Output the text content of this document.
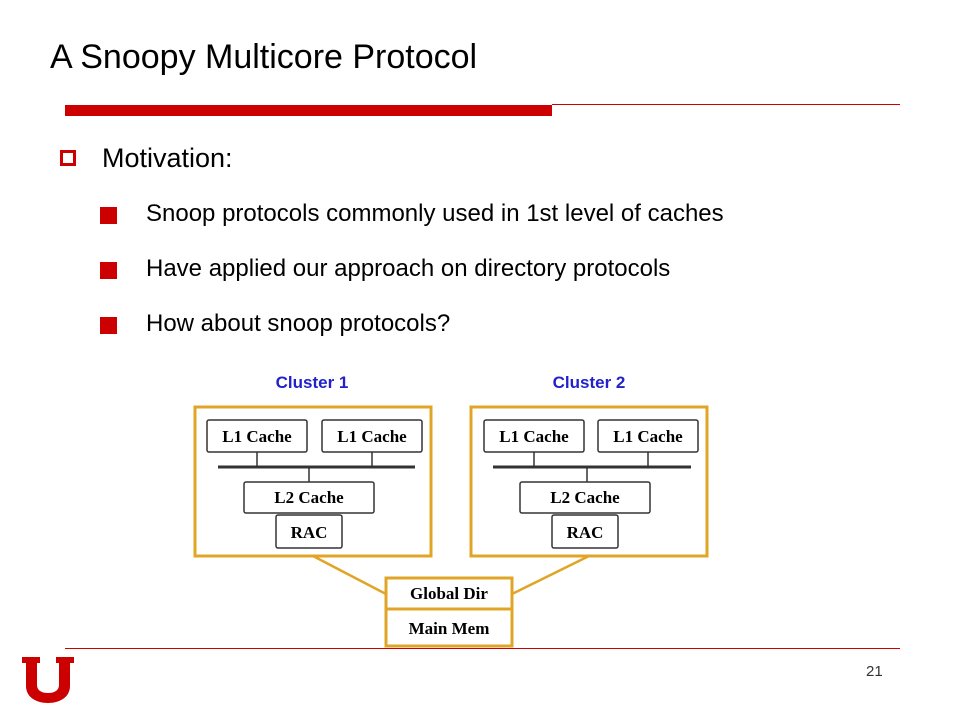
A Snoopy Multicore Protocol
Motivation:
Snoop protocols commonly used in 1st level of caches
Have applied our approach on directory protocols
How about snoop protocols?
Cluster 1	Cluster 2
L1 Cache	L1 Cache
L2 Cache
RAC
L1 Cache	L1 Cache
L2 Cache
RAC
Global Dir
Main Mem
21
